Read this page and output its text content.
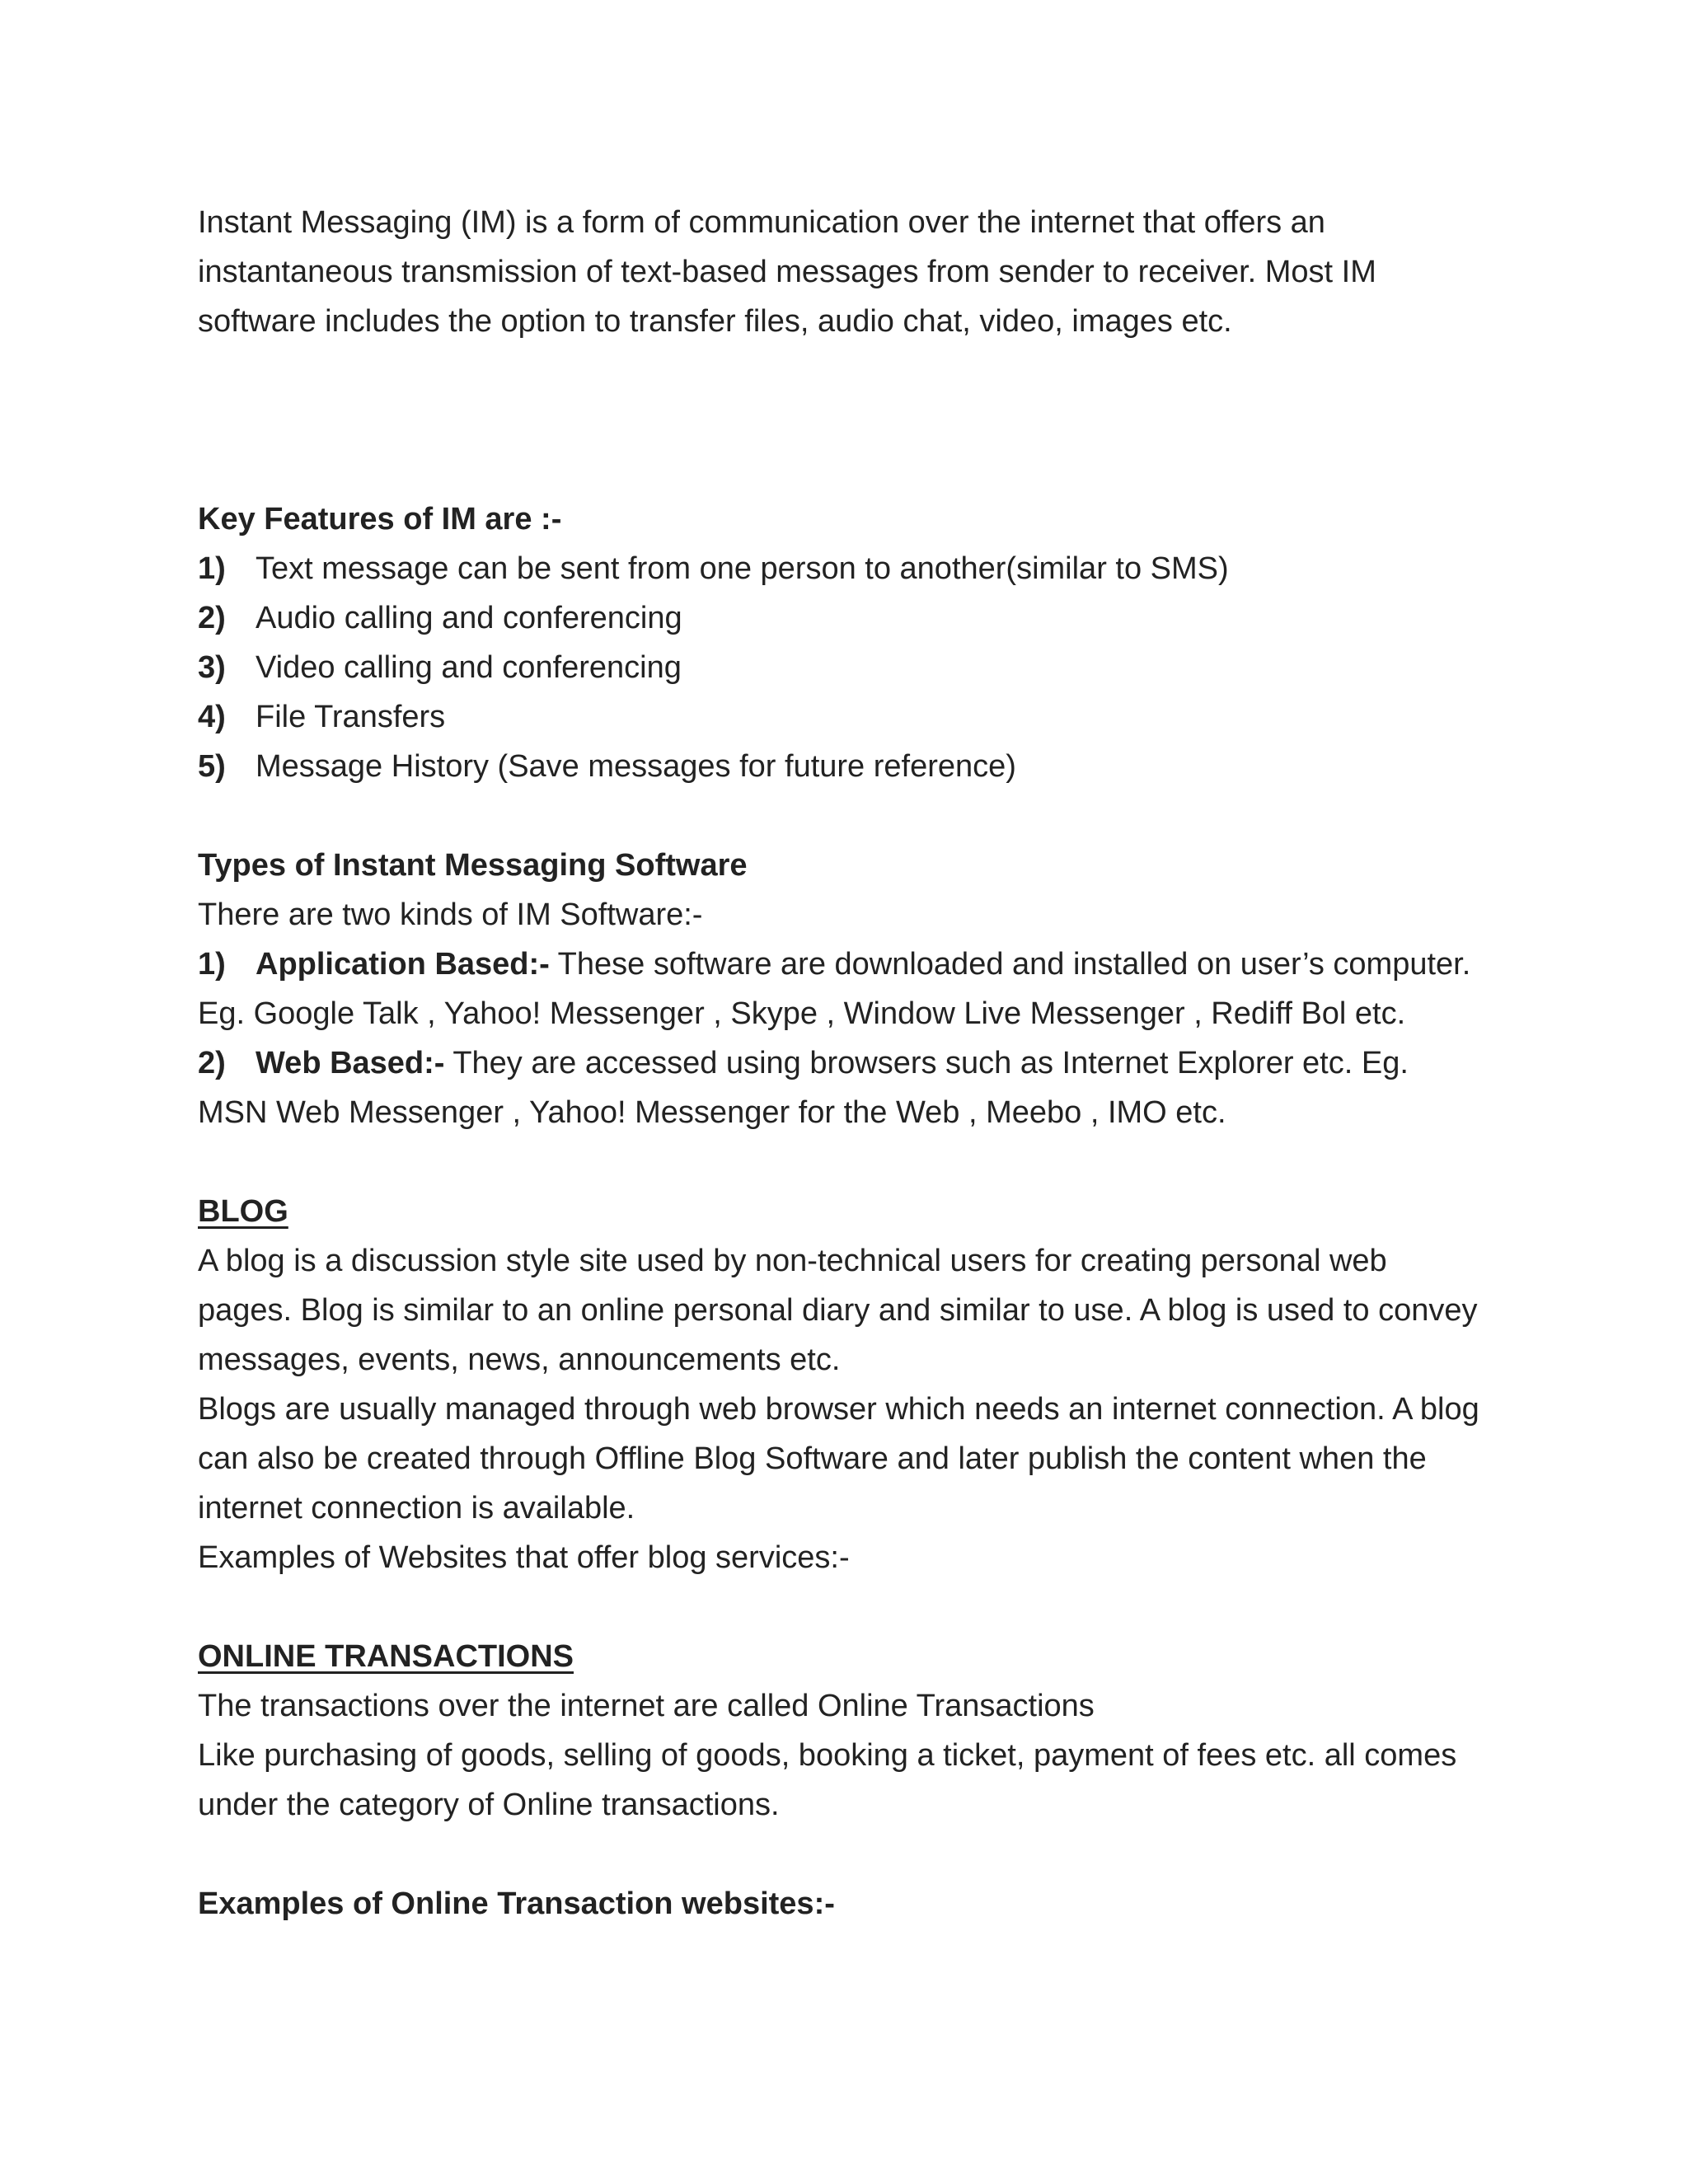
Instant Messaging (IM) is a form of communication over the internet that offers an instantaneous transmission of text-based messages from sender to receiver. Most IM software includes the option to transfer files, audio chat, video, images etc.

Key Features of IM are :-

1) Text message can be sent from one person to another(similar to SMS)
2) Audio calling and conferencing
3) Video calling and conferencing
4) File Transfers
5) Message History (Save messages for future reference)

Types of Instant Messaging Software

There are two kinds of IM Software:-

1) Application Based:- These software are downloaded and installed on user’s computer. Eg. Google Talk , Yahoo! Messenger , Skype , Window Live Messenger , Rediff Bol etc.

2) Web Based:- They are accessed using browsers such as Internet Explorer etc. Eg. MSN Web Messenger , Yahoo! Messenger for the Web , Meebo , IMO etc.

BLOG

A blog is a discussion style site used by non-technical users for creating personal web pages. Blog is similar to an online personal diary and similar to use. A blog is used to convey messages, events, news, announcements etc.

Blogs are usually managed through web browser which needs an internet connection. A blog can also be created through Offline Blog Software and later publish the content when the internet connection is available.

Examples of Websites that offer blog services:-

ONLINE TRANSACTIONS

The transactions over the internet are called Online Transactions

Like purchasing of goods, selling of goods, booking a ticket, payment of fees etc. all comes under the category of Online transactions.

Examples of Online Transaction websites:-
